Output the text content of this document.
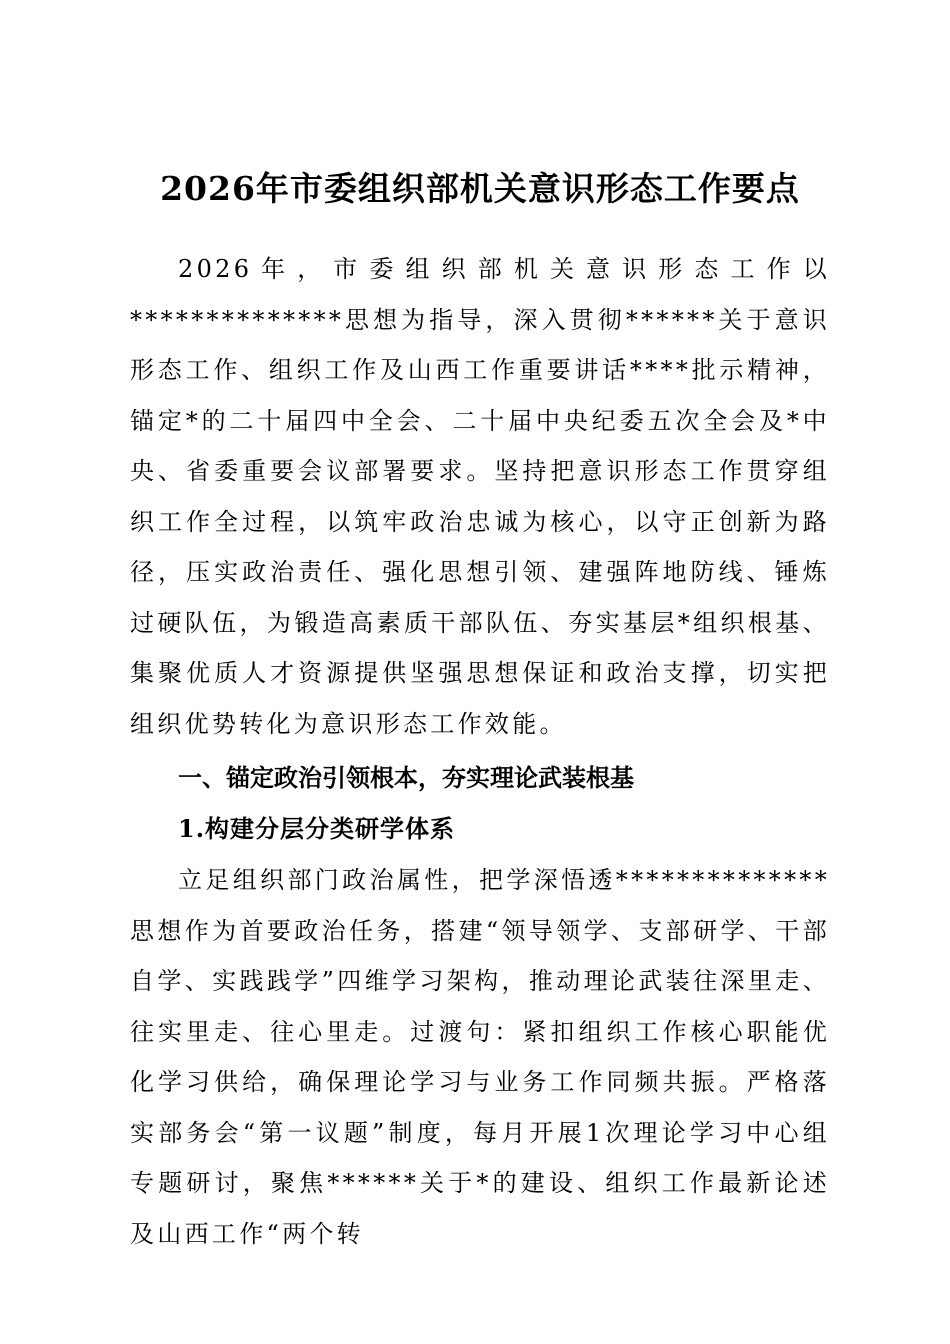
2026年市委组织部机关意识形态工作要点

2026年，市委组织部机关意识形态工作以**************思想为指导，深入贯彻******关于意识形态工作、组织工作及山西工作重要讲话****批示精神，锚定*的二十届四中全会、二十届中央纪委五次全会及*中央、省委重要会议部署要求。坚持把意识形态工作贯穿组织工作全过程，以筑牢政治忠诚为核心，以守正创新为路径，压实政治责任、强化思想引领、建强阵地防线、锤炼过硬队伍，为锻造高素质干部队伍、夯实基层*组织根基、集聚优质人才资源提供坚强思想保证和政治支撑，切实把组织优势转化为意识形态工作效能。

一、锚定政治引领根本，夯实理论武装根基
1.构建分层分类研学体系

立足组织部门政治属性，把学深悟透**************思想作为首要政治任务，搭建“领导领学、支部研学、干部自学、实践践学”四维学习架构，推动理论武装往深里走、往实里走、往心里走。过渡句：紧扣组织工作核心职能优化学习供给，确保理论学习与业务工作同频共振。严格落实部务会“第一议题”制度，每月开展1次理论学习中心组专题研讨，聚焦******关于*的建设、组织工作最新论述及山西工作“两个转
